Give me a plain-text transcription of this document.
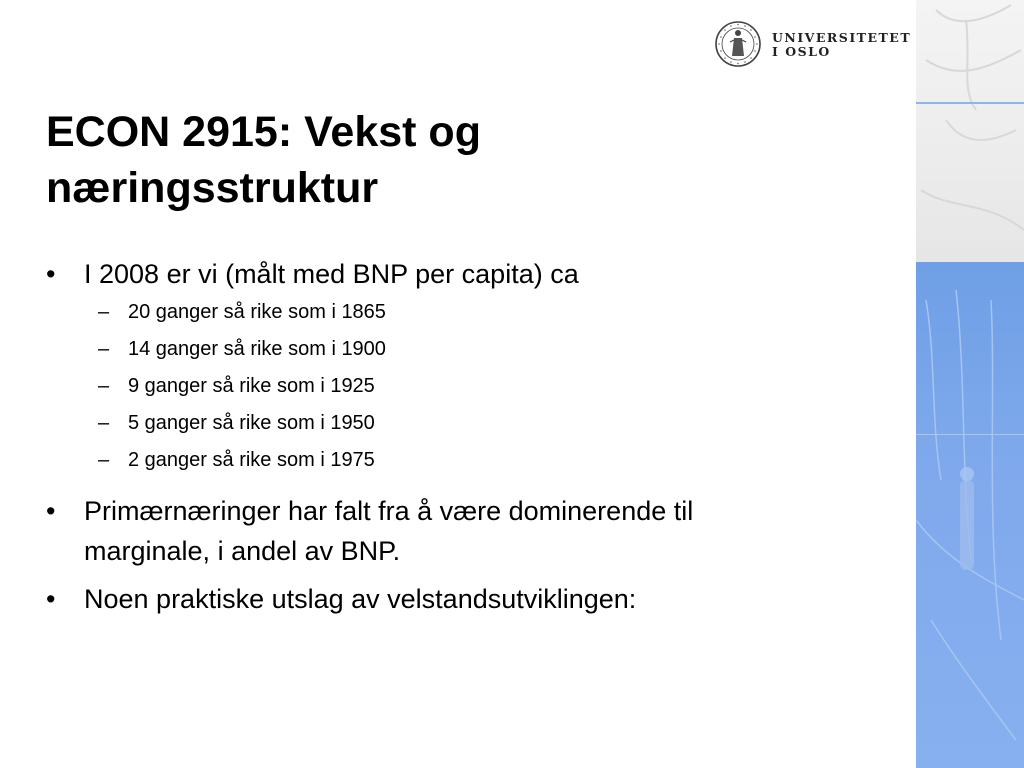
UNIVERSITETET
I OSLO
ECON 2915: Vekst og
næringsstruktur
• I 2008 er vi (målt med BNP per capita) ca
– 20 ganger så rike som i 1865
– 14 ganger så rike som i 1900
– 9 ganger så rike som i 1925
– 5 ganger så rike som i 1950
– 2 ganger så rike som i 1975
• Primærnæringer har falt fra å være dominerende til
marginale, i andel av BNP.
• Noen praktiske utslag av velstandsutviklingen:
